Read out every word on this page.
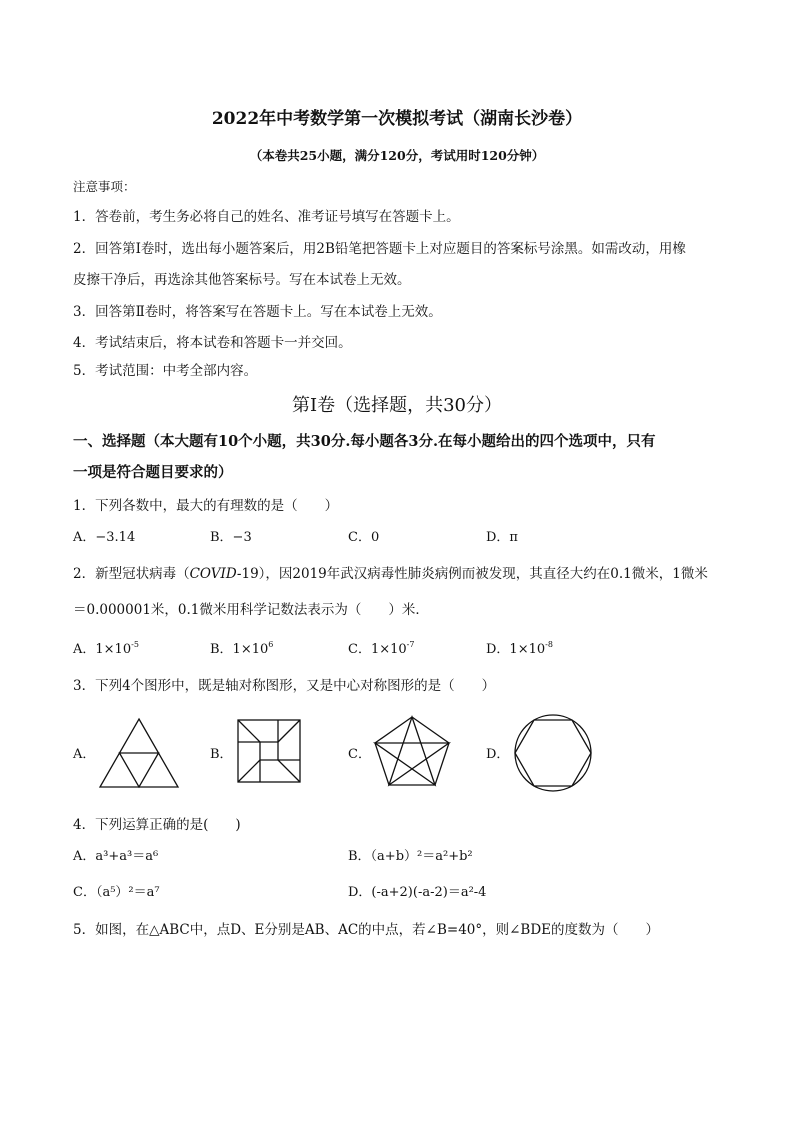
2022年中考数学第一次模拟考试（湖南长沙卷）
（本卷共25小题，满分120分，考试用时120分钟）
注意事项：
1．答卷前，考生务必将自己的姓名、准考证号填写在答题卡上。
2．回答第Ⅰ卷时，选出每小题答案后，用2B铅笔把答题卡上对应题目的答案标号涂黑。如需改动，用橡
皮擦干净后，再选涂其他答案标号。写在本试卷上无效。
3．回答第Ⅱ卷时，将答案写在答题卡上。写在本试卷上无效。
4．考试结束后，将本试卷和答题卡一并交回。
5．考试范围：中考全部内容。
第Ⅰ卷（选择题，共30分）
一、选择题（本大题有10个小题，共30分.每小题各3分.在每小题给出的四个选项中，只有
一项是符合题目要求的）
1．下列各数中，最大的有理数的是（　　）
A．−3.14	B．−3	C．0	D．π
2．新型冠状病毒（COVID-19），因2019年武汉病毒性肺炎病例而被发现，其直径大约在0.1微米，1微米
＝0.000001米，0.1微米用科学记数法表示为（　　）米．
A．$1\times 10^{-5}$	B．$1\times 10^6$	C．$1\times 10^{-7}$	D．$1\times 10^{-8}$
3．下列4个图形中，既是轴对称图形，又是中心对称图形的是（　　）
A．	B．	C．	D．
4．下列运算正确的是(　　)
A．a³+a³＝a⁶	B．（a+b）²＝a²+b²
C．（a⁵）²＝a⁷	D．(-a+2)(-a-2)＝a²-4
5．如图，在△ABC中，点D、E分别是AB、AC的中点，若∠B=40°，则∠BDE的度数为（　　）
